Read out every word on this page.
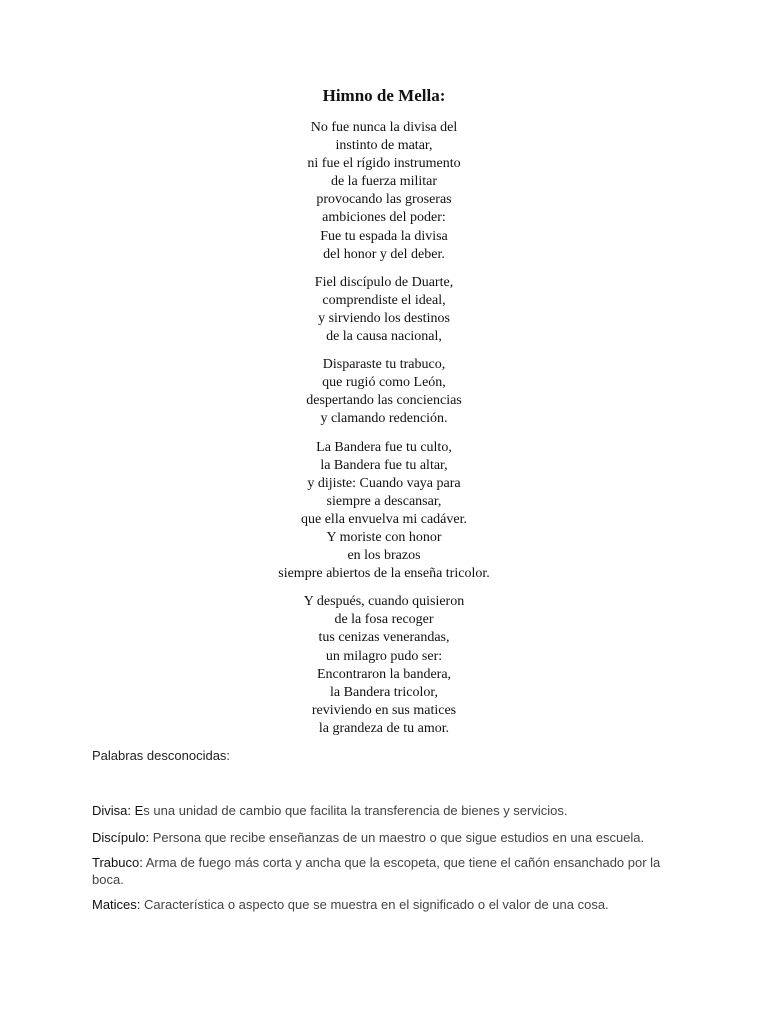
Himno de Mella:
No fue nunca la divisa del
instinto de matar,
ni fue el rígido instrumento
de la fuerza militar
provocando las groseras
ambiciones del poder:
Fue tu espada la divisa
del honor y del deber.
Fiel discípulo de Duarte,
comprendiste el ideal,
y sirviendo los destinos
de la causa nacional,
Disparaste tu trabuco,
que rugió como León,
despertando las conciencias
y clamando redención.
La Bandera fue tu culto,
la Bandera fue tu altar,
y dijiste: Cuando vaya para
siempre a descansar,
que ella envuelva mi cadáver.
Y moriste con honor
en los brazos
siempre abiertos de la enseña tricolor.
Y después, cuando quisieron
de la fosa recoger
tus cenizas venerandas,
un milagro pudo ser:
Encontraron la bandera,
la Bandera tricolor,
reviviendo en sus matices
la grandeza de tu amor.
Palabras desconocidas:
Divisa: Es una unidad de cambio que facilita la transferencia de bienes y servicios.
Discípulo: Persona que recibe enseñanzas de un maestro o que sigue estudios en una escuela.
Trabuco: Arma de fuego más corta y ancha que la escopeta, que tiene el cañón ensanchado por la boca.
Matices: Característica o aspecto que se muestra en el significado o el valor de una cosa.
